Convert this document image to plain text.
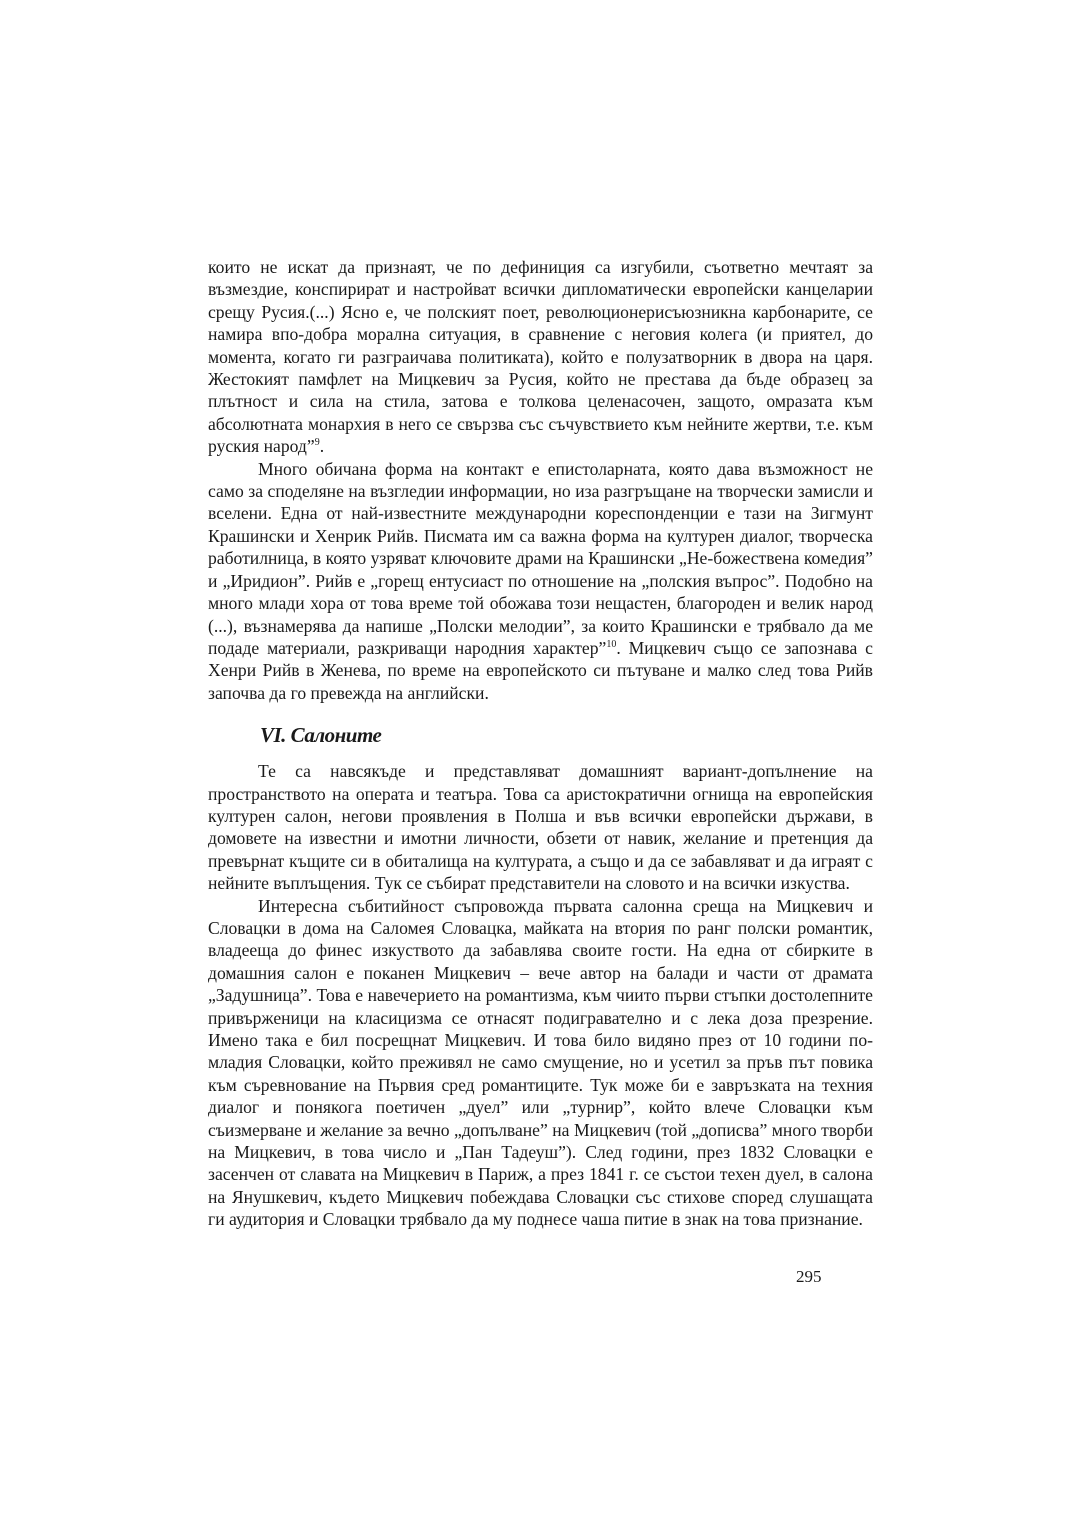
които не искат да признаят, че по дефиниция са изгубили, съответно мечтаят за възмездие, конспирират и настройват всички дипломатически европейски канцеларии срещу Русия.(...) Ясно е, че полският поет, революционерисъюзникна карбонарите, се намира впо-добра морална ситуация, в сравнение с неговия колега (и приятел, до момента, когато ги разграичава политиката), който е полузатворник в двора на царя. Жестокият памфлет на Мицкевич за Русия, който не престава да бъде образец за плътност и сила на стила, затова е толкова целенасочен, защото, омразата към абсолютната монархия в него се свързва със съчувствието към нейните жертви, т.е. към руския народ”$^9$.

Много обичана форма на контакт е епистоларната, която дава възможност не само за споделяне на възгледии информации, но иза разгръщане на творчески замисли и вселени. Една от най-известните международни кореспонденции е тази на Зигмунт Крашински и Хенрик Рийв. Писмата им са важна форма на културен диалог, творческа работилница, в която узряват ключовите драми на Крашински „Не-божествена комедия” и „Иридион”. Рийв е „горещ ентусиаст по отношение на „полския въпрос”. Подобно на много млади хора от това време той обожава този нещастен, благороден и велик народ (...), възнамерява да напише „Полски мелодии”, за които Крашински е трябвало да ме подаде материали, разкриващи народния характер”$^{10}$. Мицкевич също се запознава с Хенри Рийв в Женева, по време на европейското си пътуване и малко след това Рийв започва да го превежда на английски.

VI. Салоните

Те са навсякъде и представляват домашният вариант-допълнение на пространството на операта и театъра. Това са аристократични огнища на европейския културен салон, негови проявления в Полша и във всички европейски държави, в домовете на известни и имотни личности, обзети от навик, желание и претенция да превърнат къщите си в обиталища на културата, а също и да се забавляват и да играят с нейните въплъщения. Тук се събират представители на словото и на всички изкуства.

Интересна събитийност съпровожда първата салонна среща на Мицкевич и Словацки в дома на Саломея Словацка, майката на втория по ранг полски романтик, владееща до финес изкуството да забавлява своите гости. На една от сбирките в домашния салон е поканен Мицкевич – вече автор на балади и части от драмата „Задушница”. Това е навечерието на романтизма, към чиито първи стъпки достолепните привърженици на класицизма се отнасят подигравателно и с лека доза презрение. Имено така е бил посрещнат Мицкевич. И това било видяно през от 10 години по-младия Словацки, който преживял не само смущение, но и усетил за пръв път повика към съревнование на Първия сред романтиците. Тук може би е завръзката на техния диалог и понякога поетичен „дуел” или „турнир”, който влече Словацки към съизмерване и желание за вечно „допълване” на Мицкевич (той „дописва” много творби на Мицкевич, в това число и „Пан Тадеуш”). След години, през 1832 Словацки е засенчен от славата на Мицкевич в Париж, а през 1841 г. се състои техен дуел, в салона на Янушкевич, където Мицкевич побеждава Словацки със стихове според слушащата ги аудитория и Словацки трябвало да му поднесе чаша питие в знак на това признание.

295
